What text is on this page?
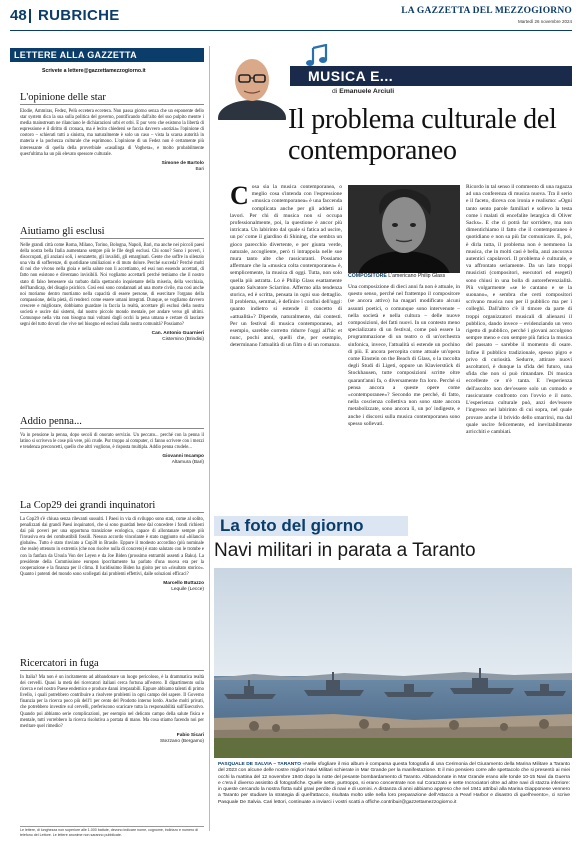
48 RUBRICHE	LA GAZZETTA DEL MEZZOGIORNO
Martedì 26 novembre 2024
LETTERE ALLA GAZZETTA
Scrivete a lettere@gazzettamezzogiorno.it
L'opinione delle star

Elodie, Ammiras, Fedez, Pelù eccetera eccetera. Non passa giorno senza che un esponente dello star system dica la sua sulla politica del governo, pontificando dall'alto del suo pulpito mentre i media mainstream ne rilanciano le dichiarazioni urbi et orbi. E pur vero che esistono la libertà di espressione e il diritto di cronaca, ma è lecito chiedersi se faccia davvero «notizia» l'opinione di costoro – schierati tutti a sinistra, ma naturalmente è solo un caso – vista la scarsa autorità in materia e la pochezza culturale che esprimono. L'opinione di un Fedez non è certamente più interessante di quella della proverbiale «casalinga di Voghera», e molto probabilmente quest'ultima ha un più elevato spessore culturale.

Simone de Bartolo
Bari
Aiutiamo gli esclusi

Nelle grandi città come Roma, Milano, Torino, Bologna, Napoli, Bari, ma anche nei piccoli paesi della nostra bella Italia aumentano sempre più le file degli esclusi. Chi sono? Sono i poveri, i disoccupati, gli anziani soli, i senzatetto, gli invalidi, gli emarginati. Gente che soffre in silenzio una vita di sofferenze, di quotidiane umiliazioni e di muto dolore. Perché succeda? Perché molti di noi che vivono nella gioia e nella salute non li accettiamo, ed essi non essendo accettati, di fatto non esistono e diventano invisibili. Noi vogliamo accettarli perché temiamo che il nostro stato di falso benessere sia turbato dalla spettacolo inquietante della miseria, della vecchiaia, dell'handicap, del disagio psichico. Così essi sono condannati ad una morte civile, ma così anche noi moriamo dentro mortiamo nella capacità di essere persone, di esercitare l'organo della compassione, della pietà, di renderci come essere umani integrati. Dunque, se vogliamo davvero crescere e migliorare, dobbiamo guardare in faccia la realtà, accettare gli esclusi della nostra società e uscire dai sistemi, dal nostro piccolo mondo mentale, per andare verso gli ultimi. Comunque nella vita non bisogna mai voltarsi dagli occhi la pena umana e certare di lasciare segni del tutto dovuti che vive nel bisogno ed esclusi dalla nostra comunità? Possiamo?

Can. Antonio Guarnieri
Cisternino (Brindisi)
Addio penna...

Va in pensione la penna, dopo secoli di onorato servizio. Un peccato... perché con la penna il latino si scriveva le cose più vere, più crude. Pur troppo al computer, ci fanno scrivere con i mezzi e tendenza preconcetti, quello che altri vogliono, è risposta multipla. Addio penna crudele...

Giovanni Incampo
Altamura (Bari)
La Cop29 dei grandi inquinatori

La Cop29 s'è chiusa senza rilevanti sussulti. I Paesi in via di sviluppo sono stati, come al solito, penalizzati dai grandi Paesi inquinatori, che si sono guardati bene dal concedere i fondi richiesti dai più poveri per una opportuna transizione ecologica, capace di allontanare sempre più l'invasiva era dei combustibili fossili. Nessun accordo vincolante è stato raggiunto sul «bilancio globale». Tutto è stato rinviato a Cop30 in Brasile. Eppure il modesto accordino (più nominale che reale) ottenuto in extremis (che non risolve nulla di concreto) è stato salutato con le trombe e con la fanfara da Ursula Von der Leyen e da Joe Biden (prossimo entrambi assenti a Baku). La presidente della Commissione europea ipocritamente ha parlato d'una nuova era per la cooperazione e la finanza per il clima. Il lucidissimo Biden ha gioito per un «risultato storico». Quanto i potenti del mondo sono scollegati dai problemi effettivi, dalle soluzioni efficaci?

Marcello Buttazzo
Lequile (Lecce)
Ricercatori in fuga

In Italia? Ma non è un incitamento ad abbandonare un luogo pericoloso, è la drammatica realtà dei cervelli. Quasi la metà dei ricercatori italiani cerca fortuna all'estero. Il dipartimento sulla ricerca e nel nostro Paese endemico e produce danni irreparabili. Eppure abbiamo talenti di primo livello, i quali potrebbero contribuire a risolvere problemi in ogni campo del sapere. Il Governo finanzia per la ricerca poco più dell'1 per cento del Prodotto interno lordo. Anche molti privati, che potrebbero investire sul cervelli, preferiscono scaricare tutta la responsabilità sull'Esecutivo. Quando poi abbiamo serie complicazioni, per esempio nel delicato campo della salute fisica e mentale, tutti vorrebbero la ricerca risolutiva a portata di mano. Ma cosa stiamo facendo noi per meritare quel rimedio?

Fabio Sicari
Stezzano (Bergamo)
Le lettere, di lunghezza non superiore alle 1.000 battute, devono indicare nome, cognome, indirizzo e numero di telefono del Lettore. Le lettere anonime non saranno pubblicate.
MUSICA E...
di Emanuele Arciuli
Il problema culturale del contemporaneo
C osa sia la musica contemporanea, o meglio cosa s'intenda con l'espressione «musica contemporanea» è una faccenda complicata anche per gli addetti ai lavori. Per chi di musica non si occupa professionalmente, poi, la questione è ancor più intricata. Un labirinto dal quale si fatica ad uscire, un po' come il giardino di Shining, che sembra un gioco parecchio divertente, e per giunta verde, naturale, accogliente, però ti intrappola nelle sue mura tanto alte che rassicuranti. Possiamo affermare che la «musica colta contemporanea» è, semplicemente, la musica di oggi. Tutta, non solo quella più astratta. Lo è Philip Glass esattamente quanto Salvatore Sciarrino. Affermo alla tendenza storica, ed è scritta, pensata in ogni suo dettaglio. Il problema, semmai, è definire i confini dell'oggi: quanto indietro si estende il concetto di «attualità»? Dipende, naturalmente, dai contesti. Per un festival di musica contemporanea, ad esempio, sarebbe corretto ridurre l'oggi all'hic et nunc, pochi anni, quelli che, per esempio, determinano l'attualità di un film o di un romanzo.
COMPOSITORE L'americano Philip Glass
Una composizione di dieci anni fa non è attuale, in questo senso, perché nel frattempo il compositore (se ancora attivo) ha magari modificato alcuni assunti poetici, o comunque sono intervenute – nella società e nella cultura – delle nuove composizioni, dei fatti nuovi. In un contesto meno specializzato di un festival, come può essere la programmazione di un teatro o di un'orchestra sinfonica, invece, l'attualità si estende un pochino di più. E ancora percepita come attuale un'opera come Einstein on the Beach di Glass, o la raccolta degli Studi di Ligeti, oppure un Klavierstück di Stockhausen, tutte composizioni scritte oltre quarant'anni fa, o diversamente fra loro. Perché si pensa ancora a queste opere come «contemporanee»? Secondo me perché, di fatto, nella coscienza collettiva non sono state ancora metabolizzate, sono ancora lì, un po' indigeste, e anche i discorsi sulla musica contemporanea sono spesso sollevati.
Ricordo in tal senso il commento di una ragazza ad una conferenza di musica nuova. Tra il serio e il faceto, diceva con ironia e realismo: «Ogni tanto sento parole familiari e sollevo la testa come i malati di encefalite letargica di Oliver Sacks». E che ci potrà far sorridere, ma non dimentichiamo il fatto che il contemporaneo è quotidiano e non sa più far comunicare. E, poi, è dirla tutta, il problema non è nemmeno la musica, che in molti casi è bella, anzi ancorava autentici capolavori. Il problema è culturale, e va affrontato seriamente. Da un lato troppi musicisti (compositori, esecutori ed esegeti) sono chiusi in una bolla di autoreferenzialità. Più volgarmente «se le cantano e se la suonano», e sembra che certi compositori scrivano musica non per il pubblico ma per i colleghi. Dall'altro c'è il timore da parte di troppi organizzatori musicali di alienarsi il pubblico, dando invece – evidenziando un vero rigetto di pubblico, perché i giovani accolgono sempre meno e con sempre più fatica la musica del passato – sarebbe il momento di osare. Infine il pubblico tradizionale, spesso pigro e privo di curiosità. Sedurre, attirare nuovi ascoltatori, è dunque la sfida del futuro, una sfida che non si può rimandare. Di musica eccellente ce n'è tanta. E l'esperienza dell'ascolto non dev'essere solo un comodo e rassicurante confronto con l'ovvio e il noto. L'esperienza culturale può, anzi dev'essere l'ingresso nel labirinto di cui sopra, nel quale provare anche il brivido dello smarrirsi, ma dal quale uscire felicemente, ed inevitabilmente arricchiti e cambiati.
La foto del giorno
Navi militari in parata a Taranto
PASQUALE DE SALVIA – TARANTO «Nelle sfogliare il mio album è comparsa questa fotografia di una Cerimonia del Giuramento della Marina Militare a Taranto del 2023 con alcune delle nostre migliori Navi Militari schierate in Mar Grande per la manifestazione. E il mio pensiero corre alle spettacolo che si presentò ai miei occhi la mattina del 12 novembre 1940 dopo la notte del pesante bombardamento di Taranto. Abbandonate in Mar Grande erano alle tonde 10-15 Navi da Guerra e c'era il diverso assistito di fotografiche. Quelle sette, purtroppo, si erano concentrate non sul Corazzato e sette Incrociatori oltre ad altre navi di stazza inferiore: in queste cercando la nostra flotta subì gravi perdite di navi e di uomini. A distanza di anni abbiamo appreso che nel 1941 attribuì alla Marina Giapponese vennero a Taranto per studiare la strategia di quell'attacco, risultata molto utile nella loro preparazione dell'Attacco a Pearl Harbor e disastro di quell'evento», ci scrive Pasquale De Salvia. Cari lettori, continuate a inviarci i vostri scatti a offiche.contribuir@gazzettamezzogiorno.it
